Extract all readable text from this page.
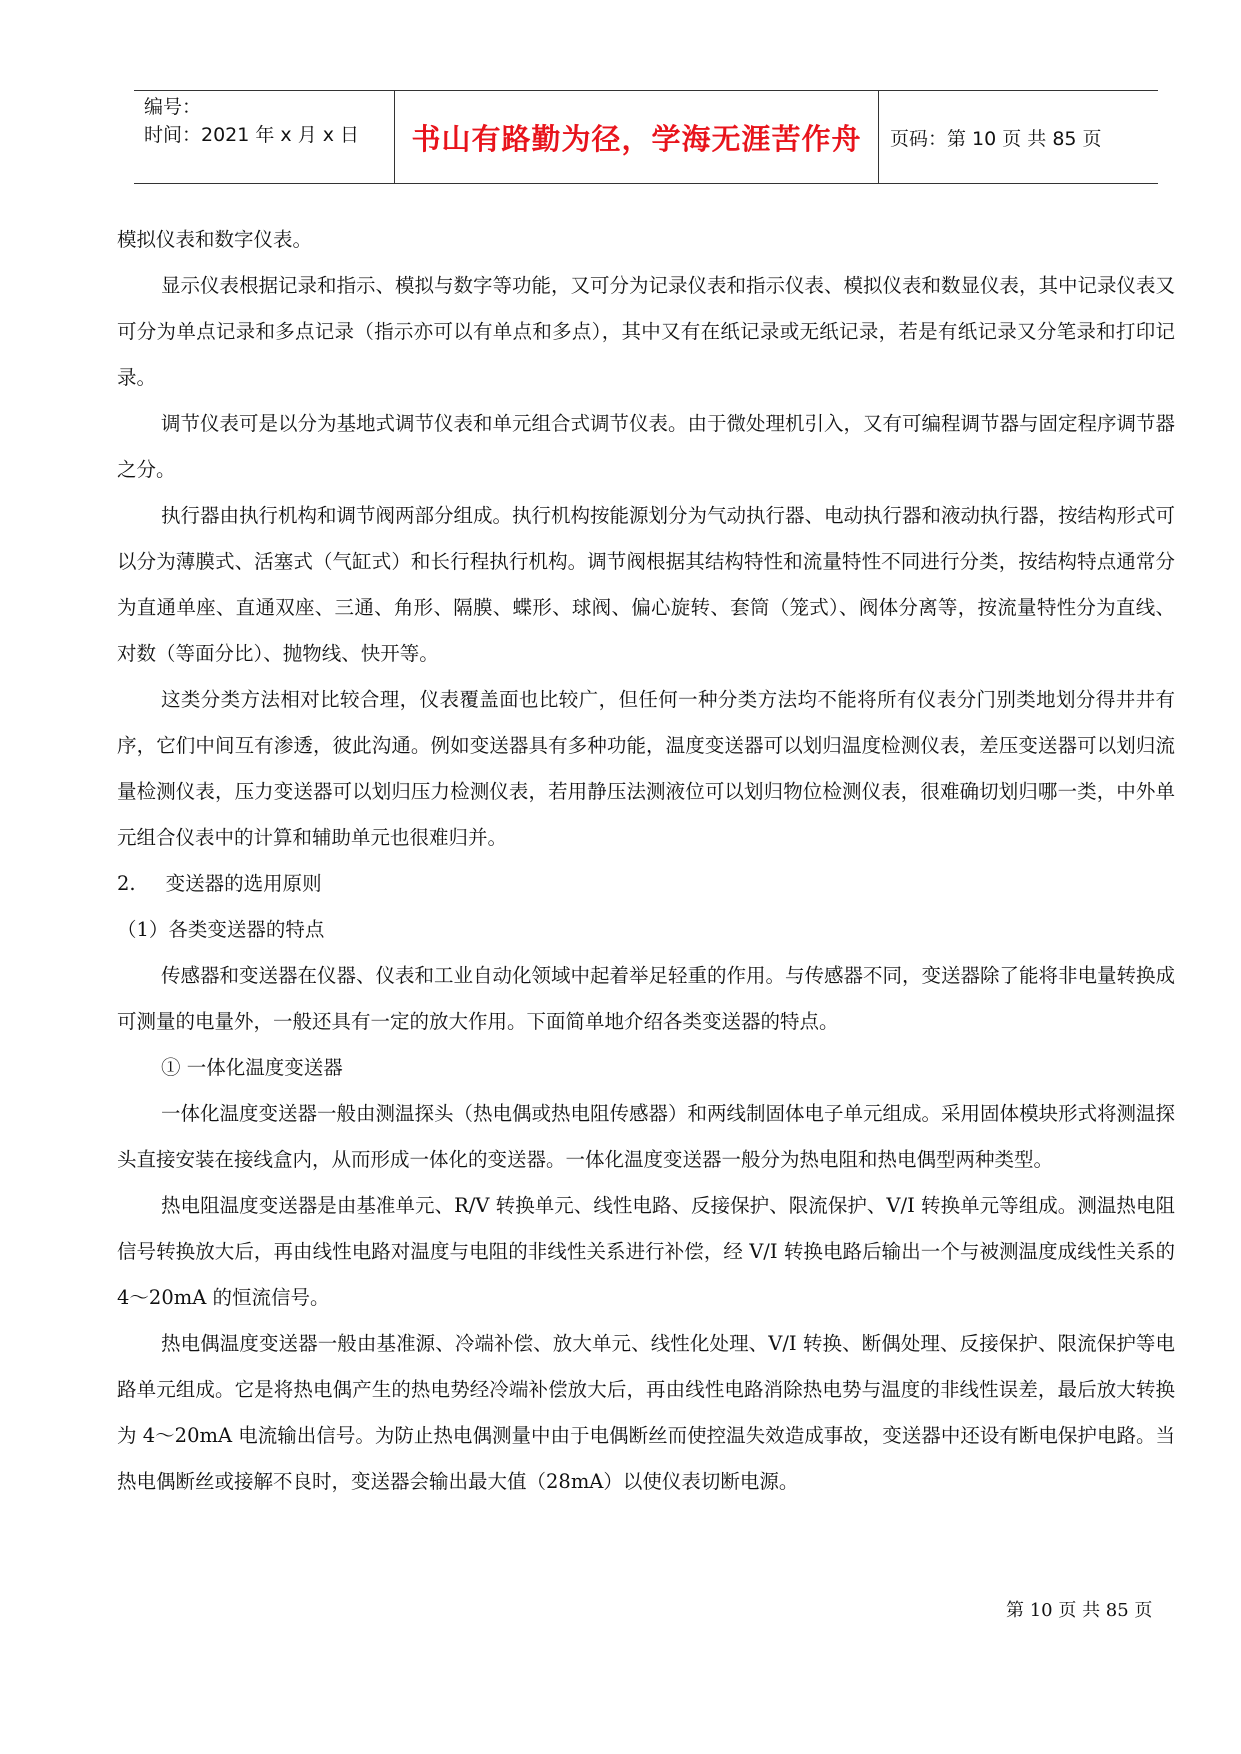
编号：
时间：2021 年 x 月 x 日	书山有路勤为径，学海无涯苦作舟	页码：第 10 页 共 85 页

模拟仪表和数字仪表。

显示仪表根据记录和指示、模拟与数字等功能，又可分为记录仪表和指示仪表、模拟仪表和数显仪表，其中记录仪表又可分为单点记录和多点记录（指示亦可以有单点和多点），其中又有在纸记录或无纸记录，若是有纸记录又分笔录和打印记录。

调节仪表可是以分为基地式调节仪表和单元组合式调节仪表。由于微处理机引入，又有可编程调节器与固定程序调节器之分。

执行器由执行机构和调节阀两部分组成。执行机构按能源划分为气动执行器、电动执行器和液动执行器，按结构形式可以分为薄膜式、活塞式（气缸式）和长行程执行机构。调节阀根据其结构特性和流量特性不同进行分类，按结构特点通常分为直通单座、直通双座、三通、角形、隔膜、蝶形、球阀、偏心旋转、套筒（笼式）、阀体分离等，按流量特性分为直线、对数（等面分比）、抛物线、快开等。

这类分类方法相对比较合理，仪表覆盖面也比较广，但任何一种分类方法均不能将所有仪表分门别类地划分得井井有序，它们中间互有渗透，彼此沟通。例如变送器具有多种功能，温度变送器可以划归温度检测仪表，差压变送器可以划归流量检测仪表，压力变送器可以划归压力检测仪表，若用静压法测液位可以划归物位检测仪表，很难确切划归哪一类，中外单元组合仪表中的计算和辅助单元也很难归并。

2. 变送器的选用原则
（1）各类变送器的特点

传感器和变送器在仪器、仪表和工业自动化领域中起着举足轻重的作用。与传感器不同，变送器除了能将非电量转换成可测量的电量外，一般还具有一定的放大作用。下面简单地介绍各类变送器的特点。

① 一体化温度变送器

一体化温度变送器一般由测温探头（热电偶或热电阻传感器）和两线制固体电子单元组成。采用固体模块形式将测温探头直接安装在接线盒内，从而形成一体化的变送器。一体化温度变送器一般分为热电阻和热电偶型两种类型。

热电阻温度变送器是由基准单元、R/V 转换单元、线性电路、反接保护、限流保护、V/I 转换单元等组成。测温热电阻信号转换放大后，再由线性电路对温度与电阻的非线性关系进行补偿，经 V/I 转换电路后输出一个与被测温度成线性关系的 4～20mA 的恒流信号。

热电偶温度变送器一般由基准源、冷端补偿、放大单元、线性化处理、V/I 转换、断偶处理、反接保护、限流保护等电路单元组成。它是将热电偶产生的热电势经冷端补偿放大后，再由线性电路消除热电势与温度的非线性误差，最后放大转换为 4～20mA 电流输出信号。为防止热电偶测量中由于电偶断丝而使控温失效造成事故，变送器中还设有断电保护电路。当热电偶断丝或接解不良时，变送器会输出最大值（28mA）以使仪表切断电源。

第 10 页 共 85 页
